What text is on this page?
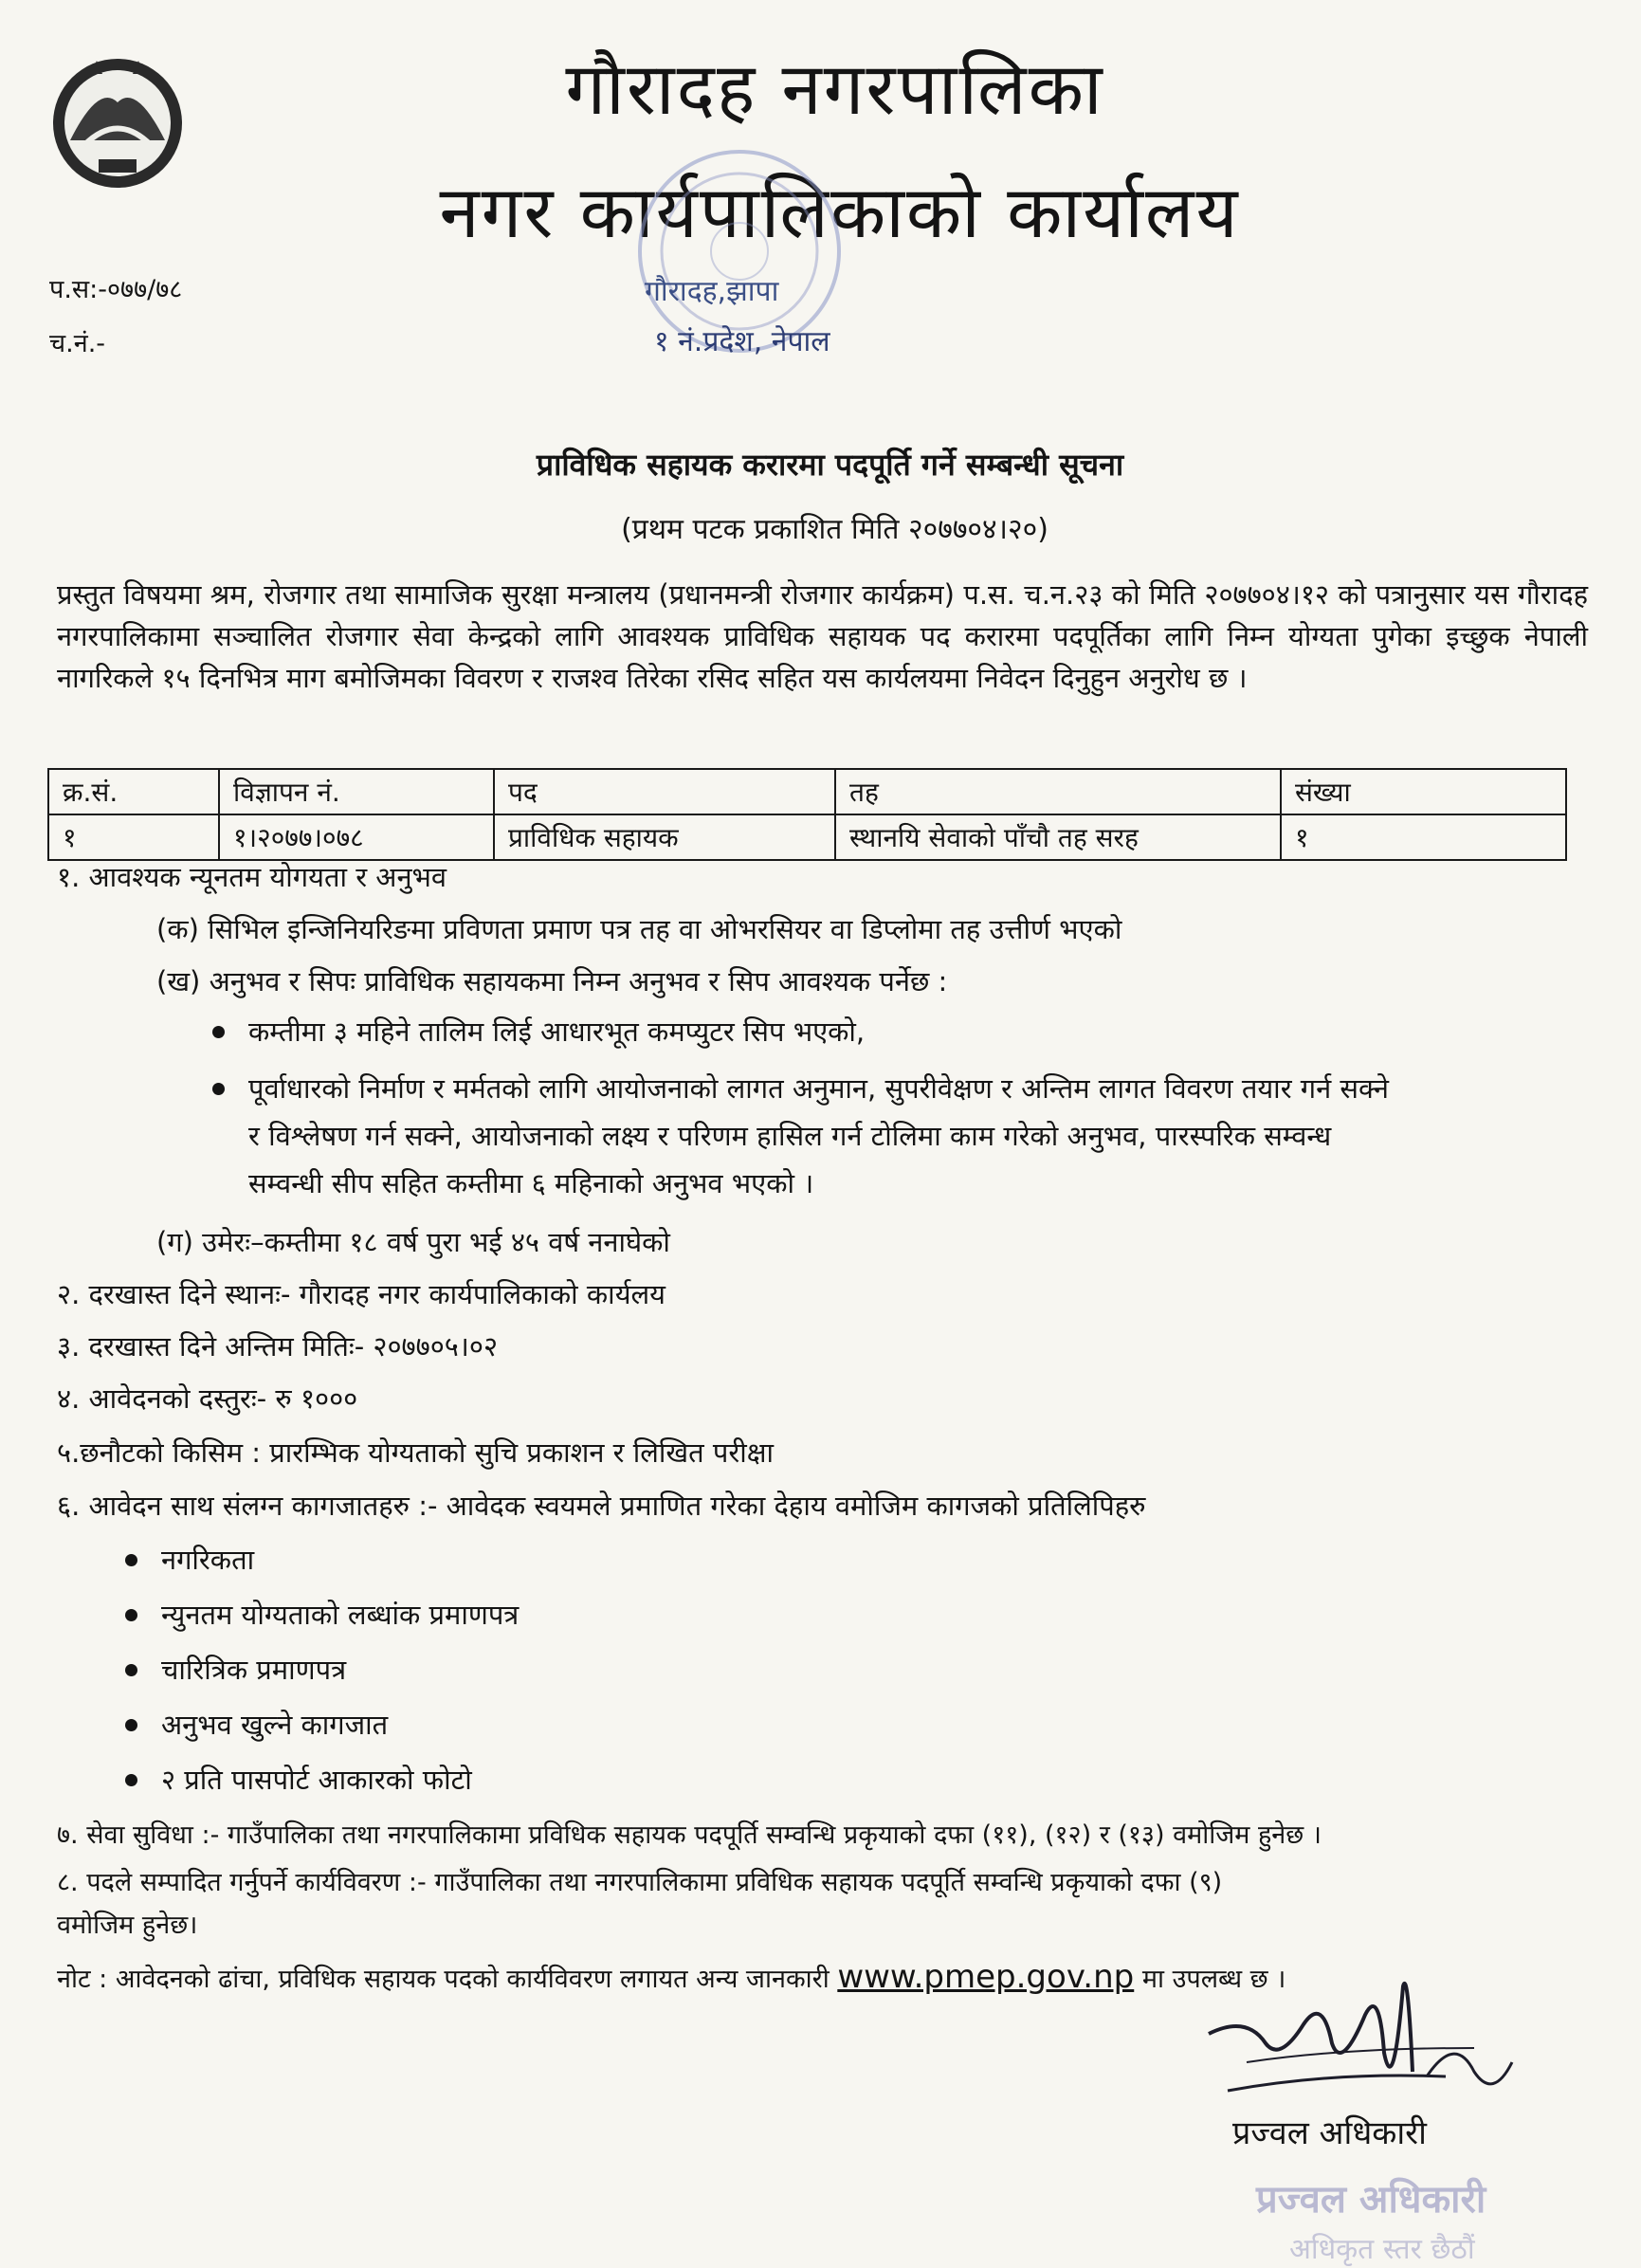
गौरादह नगरपालिका
नगर कार्यपालिकाको कार्यालय
प.स:-०७७/७८
च.नं.-
गौरादह,झापा
१ नं.प्रदेश, नेपाल
प्राविधिक सहायक करारमा पदपूर्ति गर्ने सम्बन्धी सूचना
(प्रथम पटक प्रकाशित मिति २०७७०४।२०)
प्रस्तुत विषयमा श्रम, रोजगार तथा सामाजिक सुरक्षा मन्त्रालय (प्रधानमन्त्री रोजगार कार्यक्रम) प.स. च.न.२३ को मिति २०७७०४।१२ को पत्रानुसार यस गौरादह नगरपालिकामा सञ्चालित रोजगार सेवा केन्द्रको लागि आवश्यक प्राविधिक सहायक पद करारमा पदपूर्तिका लागि निम्न योग्यता पुगेका इच्छुक नेपाली नागरिकले १५ दिनभित्र माग बमोजिमका विवरण र राजश्व तिरेका रसिद सहित यस कार्यलयमा निवेदन दिनुहुन अनुरोध छ ।
क्र.सं.	विज्ञापन नं.	पद	तह	संख्या
१	१।२०७७।०७८	प्राविधिक सहायक	स्थानयि सेवाको पाँचौ तह सरह	१
१. आवश्यक न्यूनतम योगयता र अनुभव
(क) सिभिल इन्जिनियरिङमा प्रविणता प्रमाण पत्र तह वा ओभरसियर वा डिप्लोमा तह उत्तीर्ण भएको
(ख) अनुभव र सिपः प्राविधिक सहायकमा निम्न अनुभव र सिप आवश्यक पर्नेछ :
कम्तीमा ३ महिने तालिम लिई आधारभूत कमप्युटर सिप भएको,
पूर्वाधारको निर्माण र मर्मतको लागि आयोजनाको लागत अनुमान, सुपरीवेक्षण र अन्तिम लागत विवरण तयार गर्न सक्ने
र विश्लेषण गर्न सक्ने, आयोजनाको लक्ष्य र परिणम हासिल गर्न टोलिमा काम गरेको अनुभव, पारस्परिक सम्वन्ध
सम्वन्धी सीप सहित कम्तीमा ६ महिनाको अनुभव भएको ।
(ग) उमेरः–कम्तीमा १८ वर्ष पुरा भई ४५ वर्ष ननाघेको
२. दरखास्त दिने स्थानः- गौरादह नगर कार्यपालिकाको कार्यलय
३. दरखास्त दिने अन्तिम मितिः- २०७७०५।०२
४. आवेदनको दस्तुरः- रु १०००
५.छनौटको किसिम : प्रारम्भिक योग्यताको सुचि प्रकाशन र लिखित परीक्षा
६. आवेदन साथ संलग्न कागजातहरु :- आवेदक स्वयमले प्रमाणित गरेका देहाय वमोजिम कागजको प्रतिलिपिहरु
नगरिकता
न्युनतम योग्यताको लब्धांक प्रमाणपत्र
चारित्रिक प्रमाणपत्र
अनुभव खुल्ने कागजात
२ प्रति पासपोर्ट आकारको फोटो
७. सेवा सुविधा :- गाउँपालिका तथा नगरपालिकामा प्रविधिक सहायक पदपूर्ति सम्वन्धि प्रकृयाको दफा (११), (१२) र (१३) वमोजिम हुनेछ ।
८. पदले सम्पादित गर्नुपर्ने कार्यविवरण :- गाउँपालिका तथा नगरपालिकामा प्रविधिक सहायक पदपूर्ति सम्वन्धि प्रकृयाको दफा (९)
वमोजिम हुनेछ।
नोट : आवेदनको ढांचा, प्रविधिक सहायक पदको कार्यविवरण लगायत अन्य जानकारी www.pmep.gov.np मा उपलब्ध छ ।
प्रज्वल अधिकारी
प्रज्वल अधिकारी
अधिकृत स्तर छैठौं
